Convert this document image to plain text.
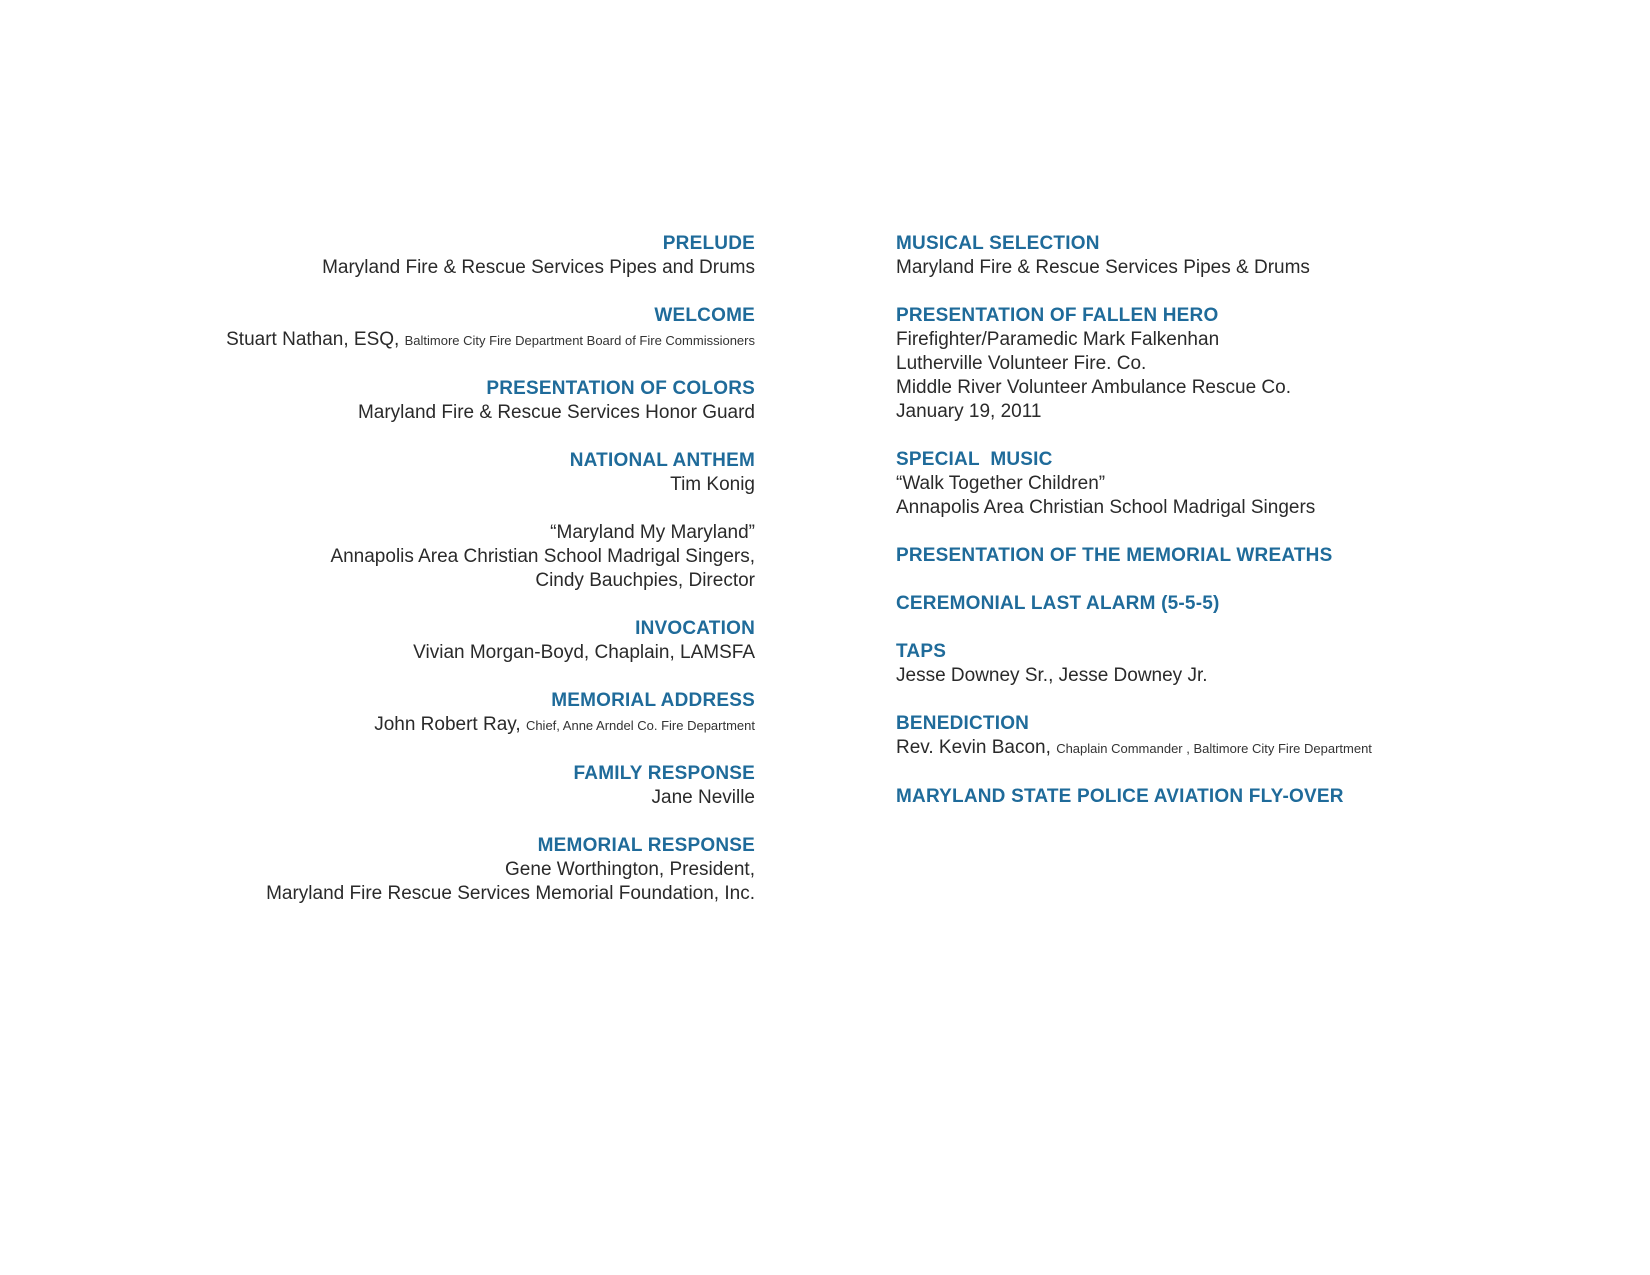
PRELUDE
Maryland Fire & Rescue Services Pipes and Drums
WELCOME
Stuart Nathan, ESQ, Baltimore City Fire Department Board of Fire Commissioners
PRESENTATION OF COLORS
Maryland Fire & Rescue Services Honor Guard
NATIONAL ANTHEM
Tim Konig
“Maryland My Maryland”
Annapolis Area Christian School Madrigal Singers,
Cindy Bauchpies, Director
INVOCATION
Vivian Morgan-Boyd, Chaplain, LAMSFA
MEMORIAL ADDRESS
John Robert Ray, Chief, Anne Arndel Co. Fire Department
FAMILY RESPONSE
Jane Neville
MEMORIAL RESPONSE
Gene Worthington, President,
Maryland Fire Rescue Services Memorial Foundation, Inc.
MUSICAL SELECTION
Maryland Fire & Rescue Services Pipes & Drums
PRESENTATION OF FALLEN HERO
Firefighter/Paramedic Mark Falkenhan
Lutherville Volunteer Fire. Co.
Middle River Volunteer Ambulance Rescue Co.
January 19, 2011
SPECIAL  MUSIC
“Walk Together Children”
Annapolis Area Christian School Madrigal Singers
PRESENTATION OF THE MEMORIAL WREATHS
CEREMONIAL LAST ALARM (5-5-5)
TAPS
Jesse Downey Sr., Jesse Downey Jr.
BENEDICTION
Rev. Kevin Bacon, Chaplain Commander , Baltimore City Fire Department
MARYLAND STATE POLICE AVIATION FLY-OVER
